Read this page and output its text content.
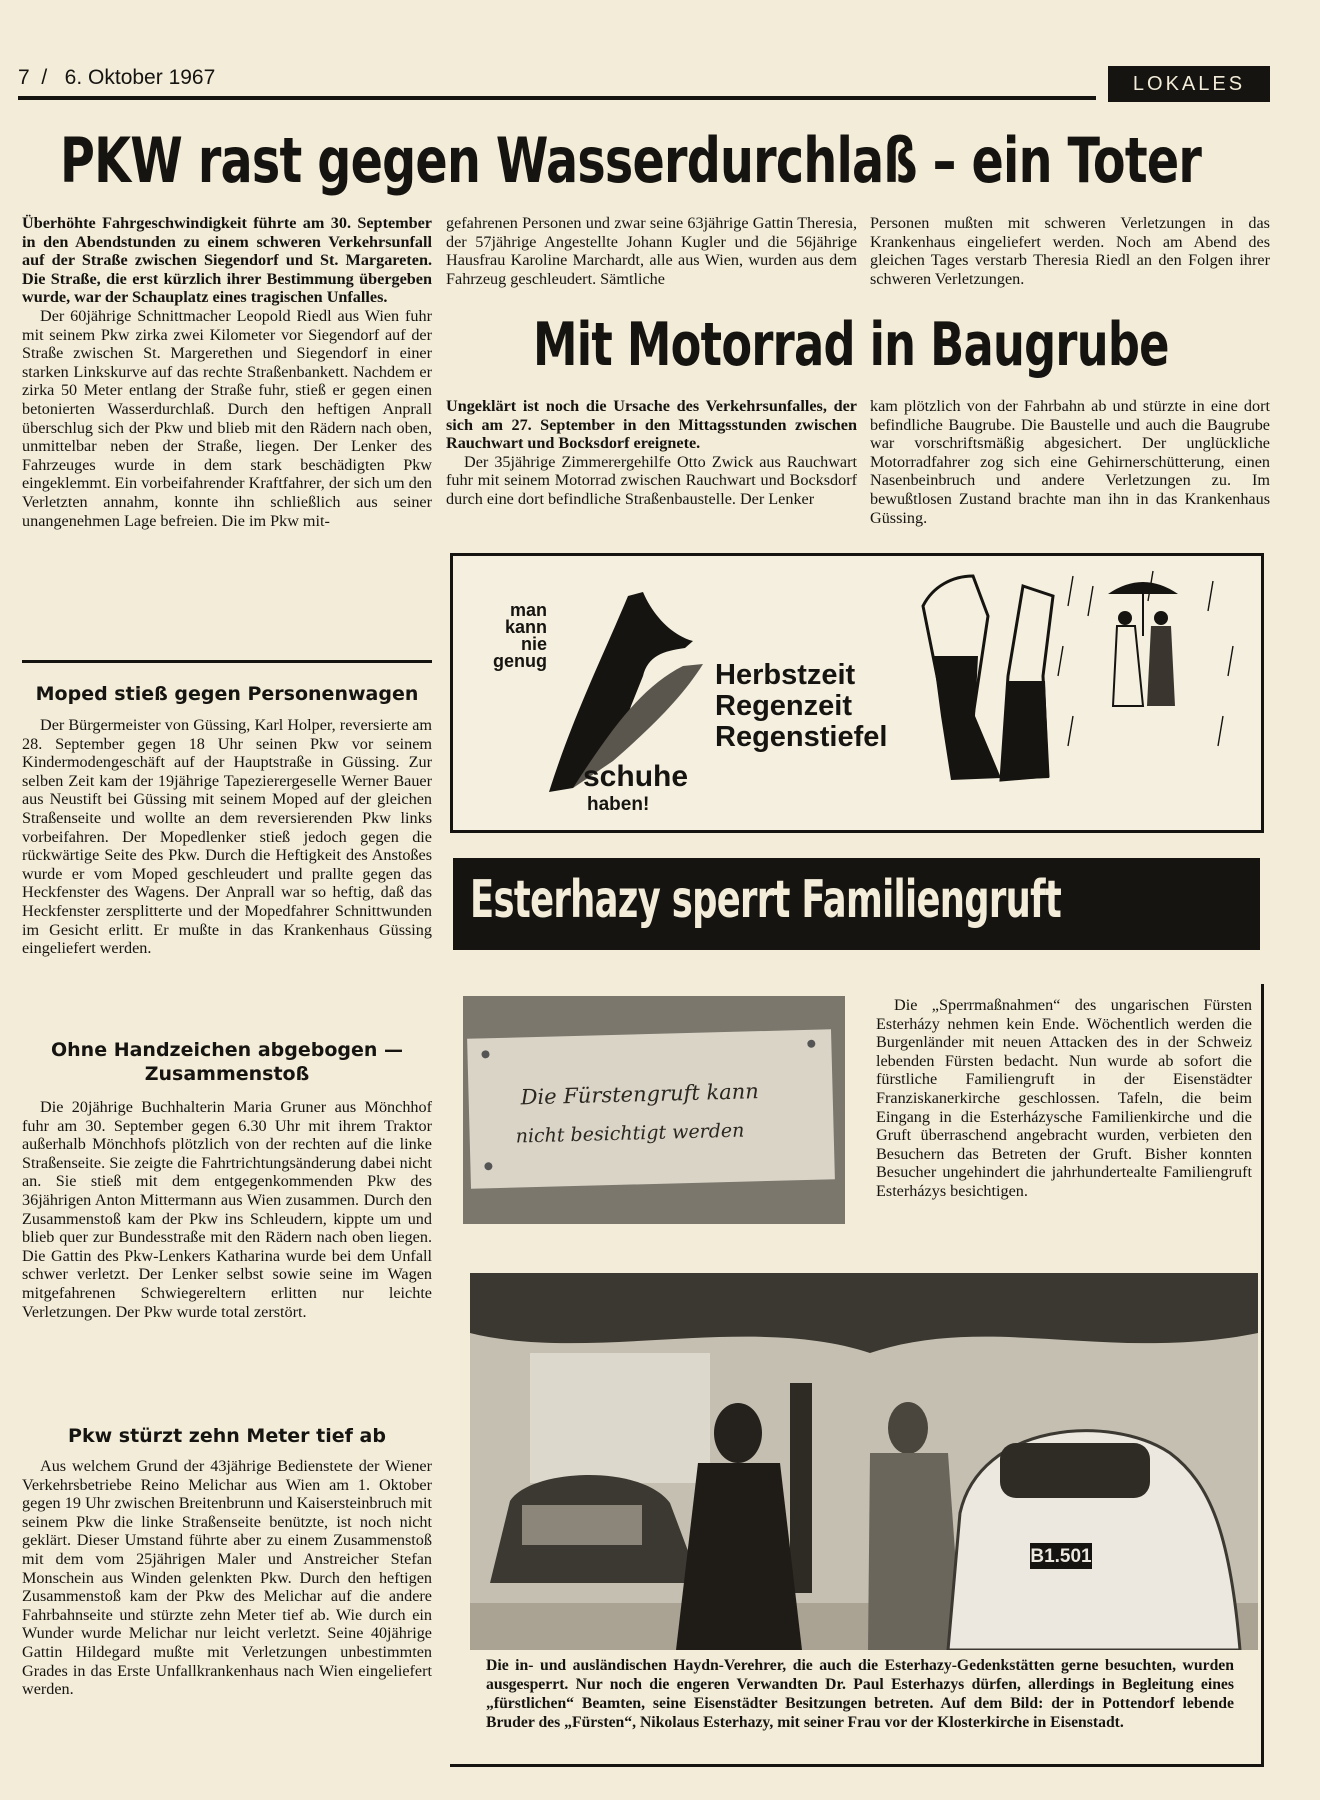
7  /   6. Oktober 1967	LOKALES
PKW rast gegen Wasserdurchlaß – ein Toter

Überhöhte Fahrgeschwindigkeit führte am 30. September in den Abendstunden zu einem schweren Verkehrsunfall auf der Straße zwischen Siegendorf und St. Margareten. Die Straße, die erst kürzlich ihrer Bestimmung übergeben wurde, war der Schauplatz eines tragischen Unfalles.

Der 60jährige Schnittmacher Leopold Riedl aus Wien fuhr mit seinem Pkw zirka zwei Kilometer vor Siegendorf auf der Straße zwischen St. Margerethen und Siegendorf in einer starken Linkskurve auf das rechte Straßenbankett. Nachdem er zirka 50 Meter entlang der Straße fuhr, stieß er gegen einen betonierten Wasserdurchlaß. Durch den heftigen Anprall überschlug sich der Pkw und blieb mit den Rädern nach oben, unmittelbar neben der Straße, liegen. Der Lenker des Fahrzeuges wurde in dem stark beschädigten Pkw eingeklemmt. Ein vorbeifahrender Kraftfahrer, der sich um den Verletzten annahm, konnte ihn schließlich aus seiner unangenehmen Lage befreien. Die im Pkw mit-

Moped stieß gegen Personenwagen

Der Bürgermeister von Güssing, Karl Holper, reversierte am 28. September gegen 18 Uhr seinen Pkw vor seinem Kindermodengeschäft auf der Hauptstraße in Güssing. Zur selben Zeit kam der 19jährige Tapezierergeselle Werner Bauer aus Neustift bei Güssing mit seinem Moped auf der gleichen Straßenseite und wollte an dem reversierenden Pkw links vorbeifahren. Der Mopedlenker stieß jedoch gegen die rückwärtige Seite des Pkw. Durch die Heftigkeit des Anstoßes wurde er vom Moped geschleudert und prallte gegen das Heckfenster des Wagens. Der Anprall war so heftig, daß das Heckfenster zersplitterte und der Mopedfahrer Schnittwunden im Gesicht erlitt. Er mußte in das Krankenhaus Güssing eingeliefert werden.

Ohne Handzeichen abgebogen —
Zusammenstoß

Die 20jährige Buchhalterin Maria Gruner aus Mönchhof fuhr am 30. September gegen 6.30 Uhr mit ihrem Traktor außerhalb Mönchhofs plötzlich von der rechten auf die linke Straßenseite. Sie zeigte die Fahrtrichtungsänderung dabei nicht an. Sie stieß mit dem entgegenkommenden Pkw des 36jährigen Anton Mittermann aus Wien zusammen. Durch den Zusammenstoß kam der Pkw ins Schleudern, kippte um und blieb quer zur Bundesstraße mit den Rädern nach oben liegen. Die Gattin des Pkw-Lenkers Katharina wurde bei dem Unfall schwer verletzt. Der Lenker selbst sowie seine im Wagen mitgefahrenen Schwiegereltern erlitten nur leichte Verletzungen. Der Pkw wurde total zerstört.

Pkw stürzt zehn Meter tief ab

Aus welchem Grund der 43jährige Bedienstete der Wiener Verkehrsbetriebe Reino Melichar aus Wien am 1. Oktober gegen 19 Uhr zwischen Breitenbrunn und Kaisersteinbruch mit seinem Pkw die linke Straßenseite benützte, ist noch nicht geklärt. Dieser Umstand führte aber zu einem Zusammenstoß mit dem vom 25jährigen Maler und Anstreicher Stefan Monschein aus Winden gelenkten Pkw. Durch den heftigen Zusammenstoß kam der Pkw des Melichar auf die andere Fahrbahnseite und stürzte zehn Meter tief ab. Wie durch ein Wunder wurde Melichar nur leicht verletzt. Seine 40jährige Gattin Hildegard mußte mit Verletzungen unbestimmten Grades in das Erste Unfallkrankenhaus nach Wien eingeliefert werden.

gefahrenen Personen und zwar seine 63jährige Gattin Theresia, der 57jährige Angestellte Johann Kugler und die 56jährige Hausfrau Karoline Marchardt, alle aus Wien, wurden aus dem Fahrzeug geschleudert. Sämtliche

Personen mußten mit schweren Verletzungen in das Krankenhaus eingeliefert werden. Noch am Abend des gleichen Tages verstarb Theresia Riedl an den Folgen ihrer schweren Verletzungen.

Mit Motorrad in Baugrube

Ungeklärt ist noch die Ursache des Verkehrsunfalles, der sich am 27. September in den Mittagsstunden zwischen Rauchwart und Bocksdorf ereignete.

Der 35jährige Zimmerergehilfe Otto Zwick aus Rauchwart fuhr mit seinem Motorrad zwischen Rauchwart und Bocksdorf durch eine dort befindliche Straßenbaustelle. Der Lenker

kam plötzlich von der Fahrbahn ab und stürzte in eine dort befindliche Baugrube. Die Baustelle und auch die Baugrube war vorschriftsmäßig abgesichert. Der unglückliche Motorradfahrer zog sich eine Gehirnerschütterung, einen Nasenbeinbruch und andere Verletzungen zu. Im bewußtlosen Zustand brachte man ihn in das Krankenhaus Güssing.

man
kann
nie
genug	Herbstzeit
Regenzeit
Regenstiefel
schuhe
haben!
Esterhazy sperrt Familiengruft
Die Fürstengruft kann
nicht besichtigt werden

Die „Sperrmaßnahmen“ des ungarischen Fürsten Esterházy nehmen kein Ende. Wöchentlich werden die Burgenländer mit neuen Attacken des in der Schweiz lebenden Fürsten bedacht. Nun wurde ab sofort die fürstliche Familiengruft in der Eisenstädter Franziskanerkirche geschlossen. Tafeln, die beim Eingang in die Esterházysche Familienkirche und die Gruft überraschend angebracht wurden, verbieten den Besuchern das Betreten der Gruft. Bisher konnten Besucher ungehindert die jahrhundertealte Familiengruft Esterházys besichtigen.

B1.501
Die in- und ausländischen Haydn-Verehrer, die auch die Esterhazy-Gedenkstätten gerne besuchten, wurden ausgesperrt. Nur noch die engeren Verwandten Dr. Paul Esterhazys dürfen, allerdings in Begleitung eines „fürstlichen“ Beamten, seine Eisenstädter Besitzungen betreten. Auf dem Bild: der in Pottendorf lebende Bruder des „Fürsten“, Nikolaus Esterhazy, mit seiner Frau vor der Klosterkirche in Eisenstadt.
